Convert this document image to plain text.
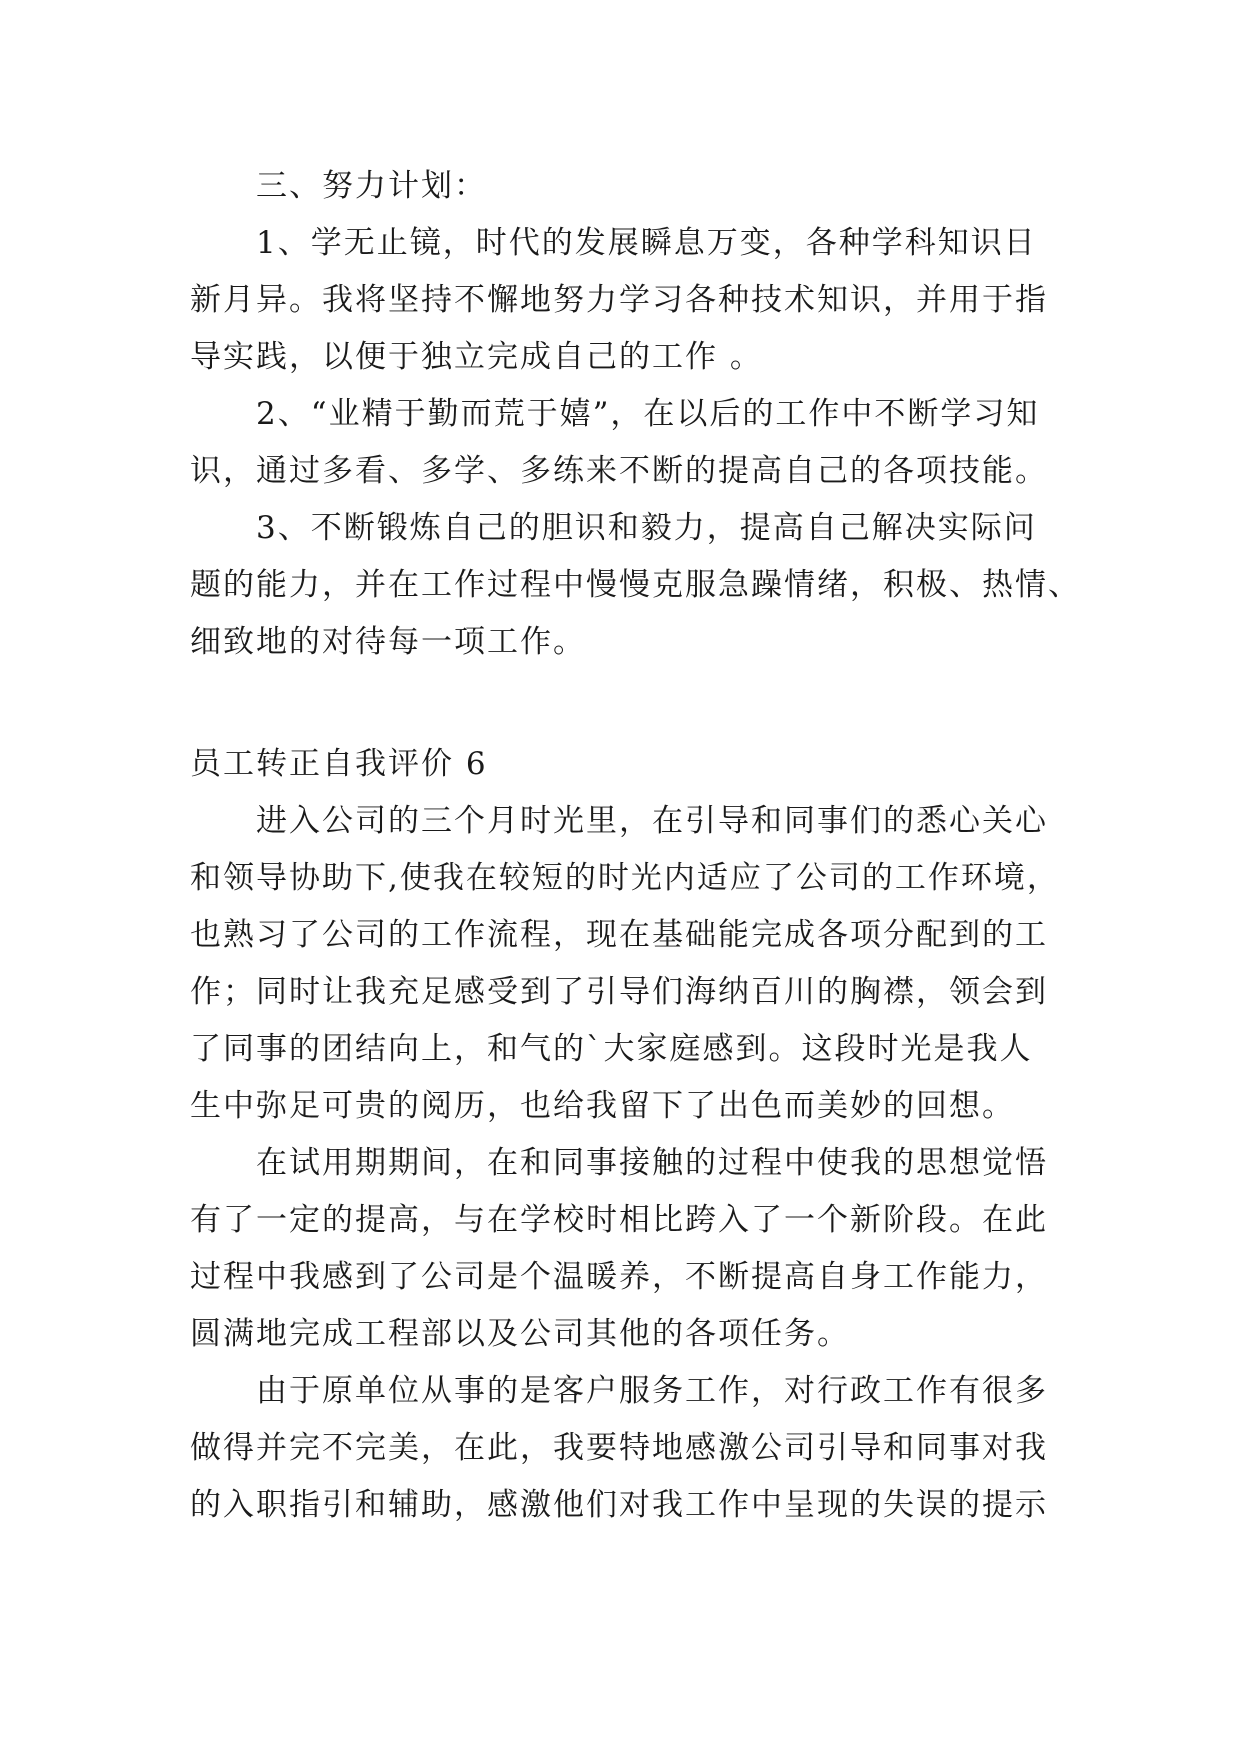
三、努力计划：
1、学无止镜，时代的发展瞬息万变，各种学科知识日
新月异。我将坚持不懈地努力学习各种技术知识，并用于指
导实践，以便于独立完成自己的工作 。
2、“业精于勤而荒于嬉”，在以后的工作中不断学习知
识，通过多看、多学、多练来不断的提高自己的各项技能。
3、不断锻炼自己的胆识和毅力，提高自己解决实际问
题的能力，并在工作过程中慢慢克服急躁情绪，积极、热情、
细致地的对待每一项工作。
员工转正自我评价 6
进入公司的三个月时光里，在引导和同事们的悉心关心
和领导协助下,使我在较短的时光内适应了公司的工作环境，
也熟习了公司的工作流程，现在基础能完成各项分配到的工
作；同时让我充足感受到了引导们海纳百川的胸襟，领会到
了同事的团结向上，和气的`大家庭感到。这段时光是我人
生中弥足可贵的阅历，也给我留下了出色而美妙的回想。
在试用期期间，在和同事接触的过程中使我的思想觉悟
有了一定的提高，与在学校时相比跨入了一个新阶段。在此
过程中我感到了公司是个温暖养，不断提高自身工作能力，
圆满地完成工程部以及公司其他的各项任务。
由于原单位从事的是客户服务工作，对行政工作有很多
做得并完不完美，在此，我要特地感激公司引导和同事对我
的入职指引和辅助，感激他们对我工作中呈现的失误的提示
